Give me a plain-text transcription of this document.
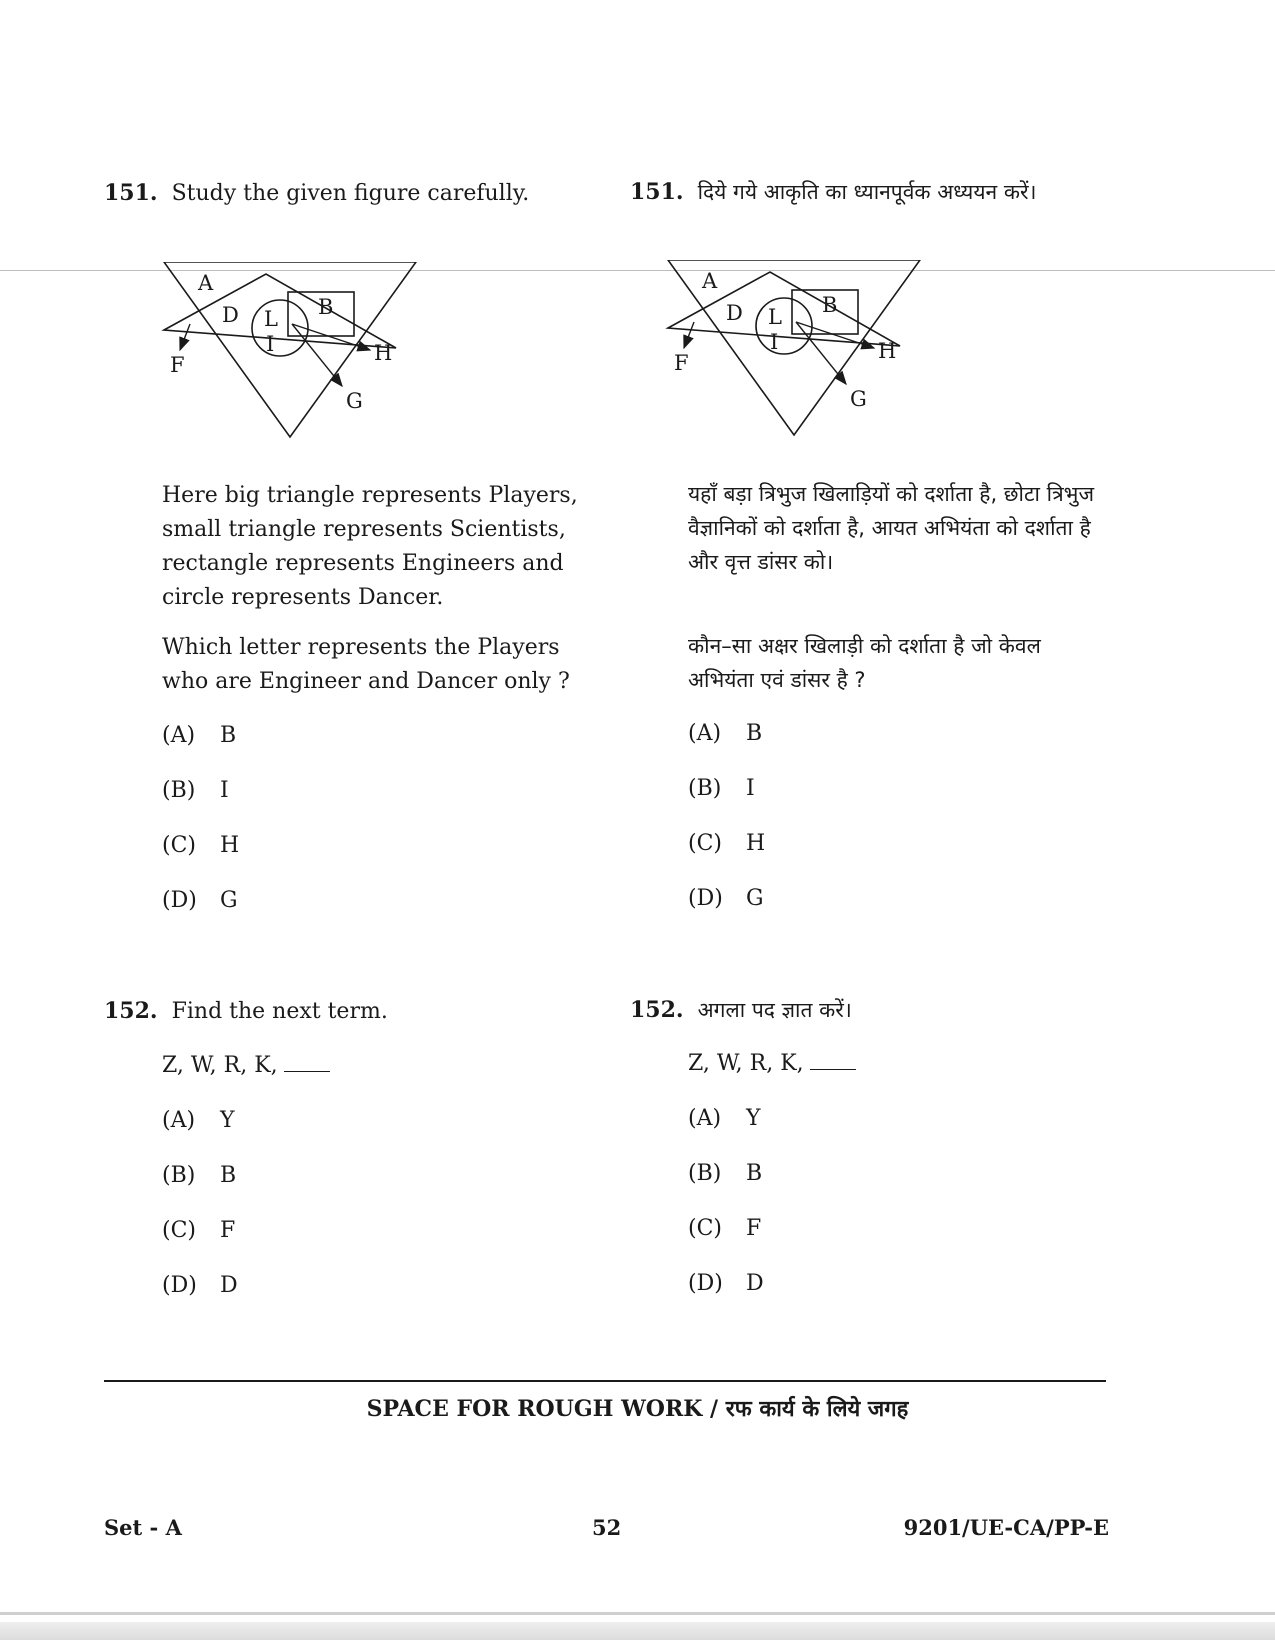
151. Study the given figure carefully.
A
D L
I
B
F	H
G
Here big triangle represents Players, small triangle represents Scientists, rectangle represents Engineers and circle represents Dancer.
Which letter represents the Players who are Engineer and Dancer only ?
(A) B
(B) I
(C) H
(D) G
152. Find the next term.
Z, W, R, K,
(A) Y
(B) B
(C) F
(D) D
151. दिये गये आकृति का ध्यानपूर्वक अध्ययन करें।
A
D L
I
B
F	H
G
यहाँ बड़ा त्रिभुज खिलाड़ियों को दर्शाता है, छोटा त्रिभुज वैज्ञानिकों को दर्शाता है, आयत अभियंता को दर्शाता है और वृत्त डांसर को।
कौन–सा अक्षर खिलाड़ी को दर्शाता है जो केवल अभियंता एवं डांसर है ?
(A) B
(B) I
(C) H
(D) G
152. अगला पद ज्ञात करें।
Z, W, R, K,
(A) Y
(B) B
(C) F
(D) D
SPACE FOR ROUGH WORK / रफ कार्य के लिये जगह
Set - A	52	9201/UE-CA/PP-E
